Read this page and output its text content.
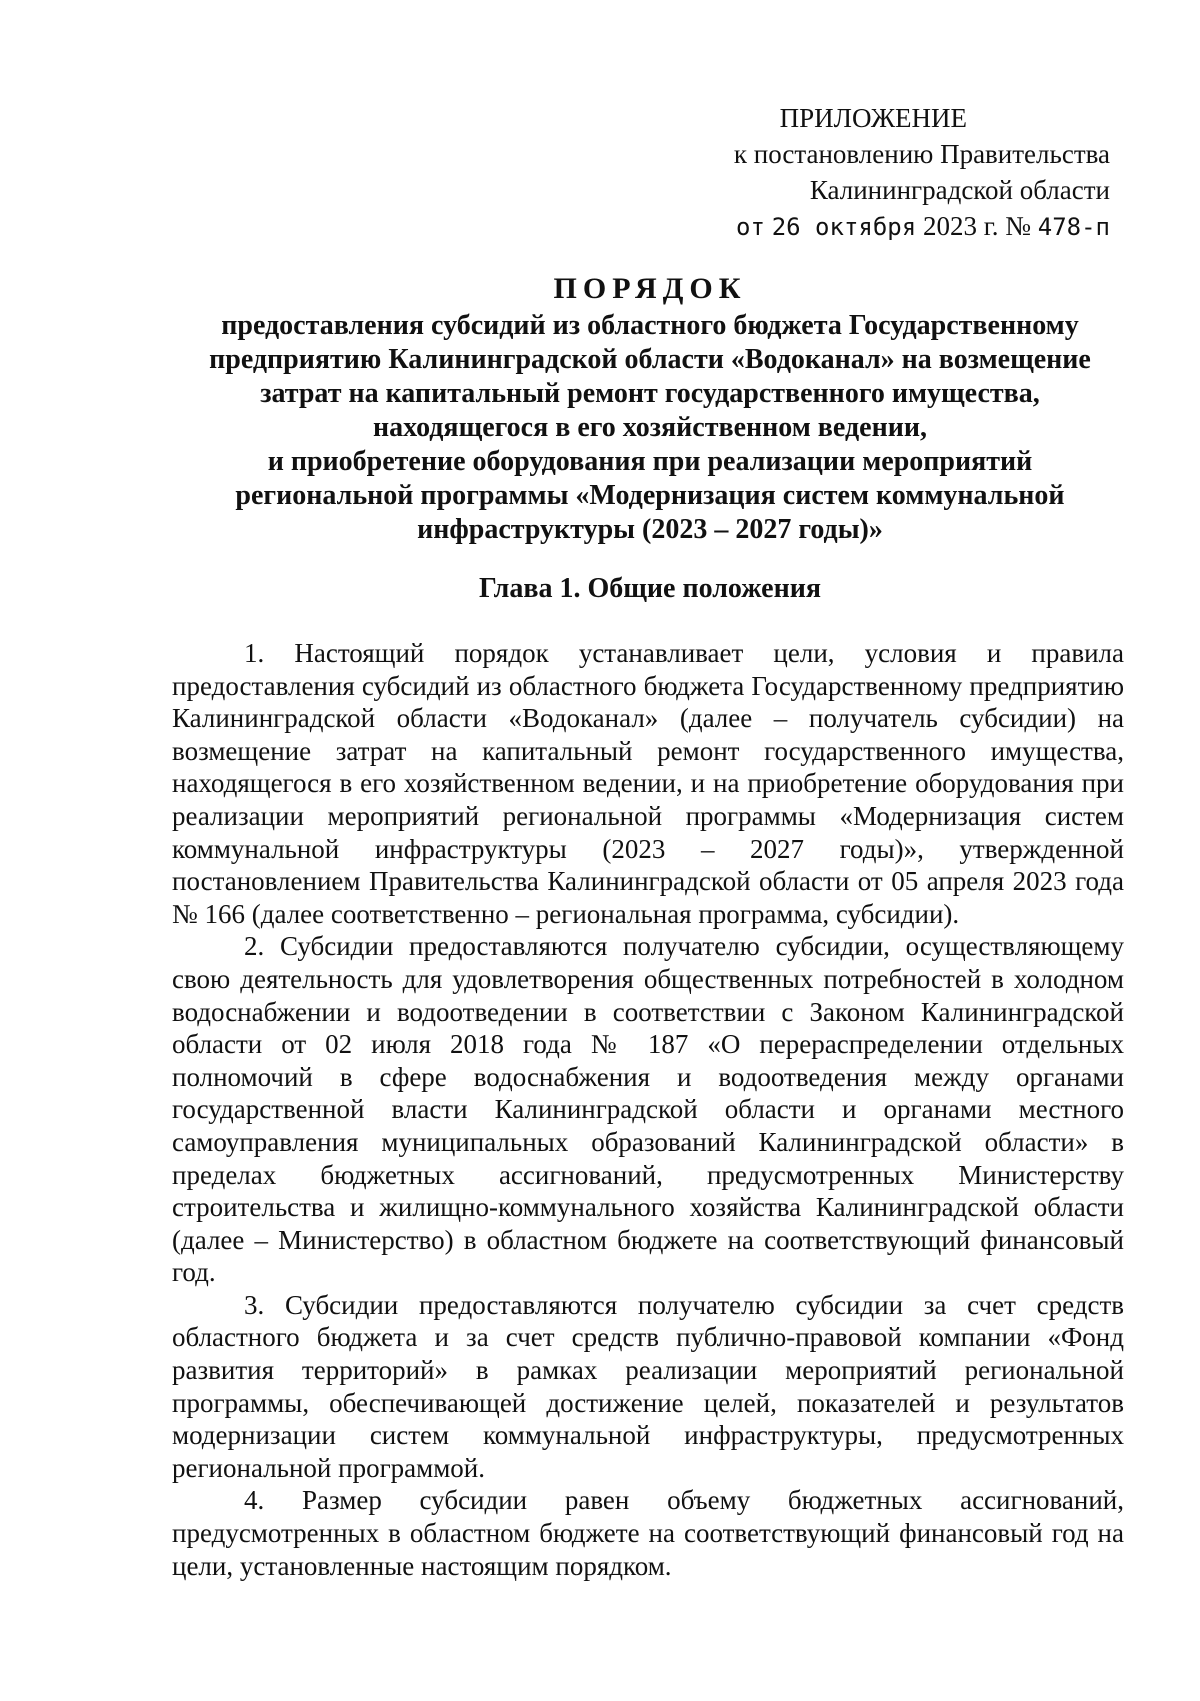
ПРИЛОЖЕНИЕ
к постановлению Правительства
Калининградской области
от 26 октября 2023 г. № 478-п
ПОРЯДОК
предоставления субсидий из областного бюджета Государственному
предприятию Калининградской области «Водоканал» на возмещение
затрат на капитальный ремонт государственного имущества,
находящегося в его хозяйственном ведении,
и приобретение оборудования при реализации мероприятий
региональной программы «Модернизация систем коммунальной
инфраструктуры (2023 – 2027 годы)»
Глава 1. Общие положения

1. Настоящий порядок устанавливает цели, условия и правила предоставления субсидий из областного бюджета Государственному предприятию Калининградской области «Водоканал» (далее – получатель субсидии) на возмещение затрат на капитальный ремонт государственного имущества, находящегося в его хозяйственном ведении, и на приобретение оборудования при реализации мероприятий региональной программы «Модернизация систем коммунальной инфраструктуры (2023 – 2027 годы)», утвержденной постановлением Правительства Калининградской области от 05 апреля 2023 года № 166 (далее соответственно – региональная программа, субсидии).

2. Субсидии предоставляются получателю субсидии, осуществляющему свою деятельность для удовлетворения общественных потребностей в холодном водоснабжении и водоотведении в соответствии с Законом Калининградской области от 02 июля 2018 года № 187 «О перераспределении отдельных полномочий в сфере водоснабжения и водоотведения между органами государственной власти Калининградской области и органами местного самоуправления муниципальных образований Калининградской области» в пределах бюджетных ассигнований, предусмотренных Министерству строительства и жилищно-коммунального хозяйства Калининградской области (далее – Министерство) в областном бюджете на соответствующий финансовый год.

3. Субсидии предоставляются получателю субсидии за счет средств областного бюджета и за счет средств публично-правовой компании «Фонд развития территорий» в рамках реализации мероприятий региональной программы, обеспечивающей достижение целей, показателей и результатов модернизации систем коммунальной инфраструктуры, предусмотренных региональной программой.

4. Размер субсидии равен объему бюджетных ассигнований, предусмотренных в областном бюджете на соответствующий финансовый год на цели, установленные настоящим порядком.
